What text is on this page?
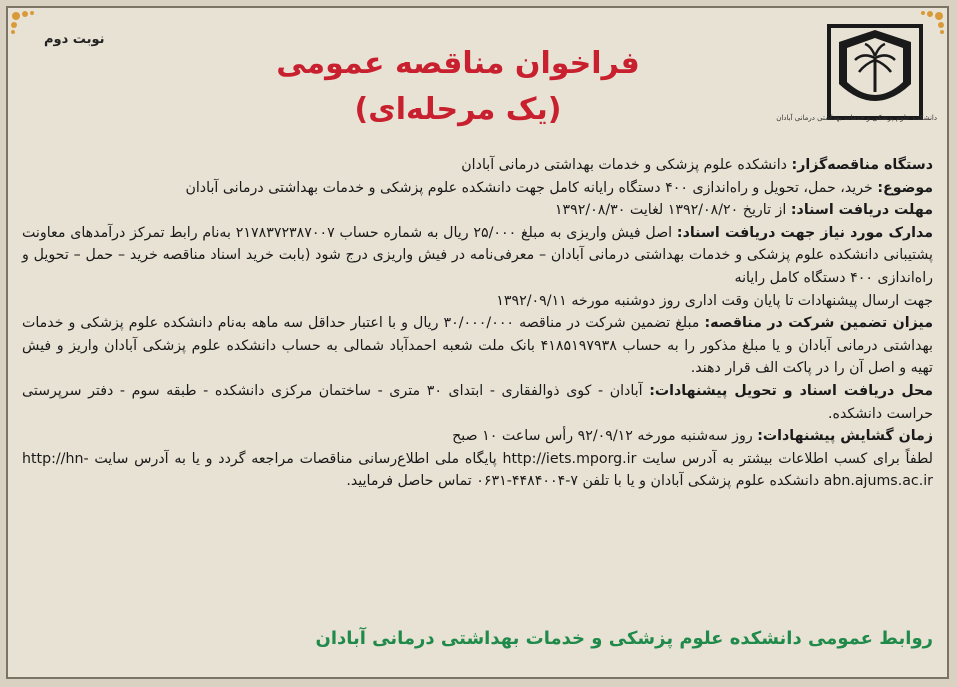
نوبت دوم
دانشکده علوم پزشکی و خدمات بهداشتی درمانی آبادان
فراخوان مناقصه عمومی
(یک مرحله‌ای)

دستگاه مناقصه‌گزار: دانشکده علوم پزشکی و خدمات بهداشتی درمانی آبادان

موضوع: خرید، حمل، تحویل و راه‌اندازی ۴۰۰ دستگاه رایانه کامل جهت دانشکده علوم پزشکی و خدمات بهداشتی درمانی آبادان

مهلت دریافت اسناد: از تاریخ ۱۳۹۲/۰۸/۲۰ لغایت ۱۳۹۲/۰۸/۳۰

مدارک مورد نیاز جهت دریافت اسناد: اصل فیش واریزی به مبلغ ۲۵/۰۰۰ ریال به شماره حساب ۲۱۷۸۳۷۲۳۸۷۰۰۷ به‌نام رابط تمرکز درآمدهای معاونت پشتیبانی دانشکده علوم پزشکی و خدمات بهداشتی درمانی آبادان – معرفی‌نامه در فیش واریزی درج شود (بابت خرید اسناد مناقصه خرید – حمل – تحویل و راه‌اندازی ۴۰۰ دستگاه کامل رایانه

جهت ارسال پیشنهادات تا پایان وقت اداری روز دوشنبه مورخه ۱۳۹۲/۰۹/۱۱

میزان تضمین شرکت در مناقصه: مبلغ تضمین شرکت در مناقصه ۳۰/۰۰۰/۰۰۰ ریال و با اعتبار حداقل سه ماهه به‌نام دانشکده علوم پزشکی و خدمات بهداشتی درمانی آبادان و یا مبلغ مذکور را به حساب ۴۱۸۵۱۹۷۹۳۸ بانک ملت شعبه احمدآباد شمالی به حساب دانشکده علوم پزشکی آبادان واریز و فیش تهیه و اصل آن را در پاکت الف قرار دهند.

محل دریافت اسناد و تحویل پیشنهادات: آبادان - کوی ذوالفقاری - ابتدای ۳۰ متری - ساختمان مرکزی دانشکده - طبقه سوم - دفتر سرپرستی حراست دانشکده.

زمان گشایش پیشنهادات: روز سه‌شنبه مورخه ۹۲/۰۹/۱۲ رأس ساعت ۱۰ صبح

لطفاً برای کسب اطلاعات بیشتر به آدرس سایت http://iets.mporg.ir پایگاه ملی اطلاع‌رسانی مناقصات مراجعه گردد و یا به آدرس سایت http://hn-abn.ajums.ac.ir دانشکده علوم پزشکی آبادان و یا با تلفن ۷-۴۴۸۴۰۰۴-۰۶۳۱ تماس حاصل فرمایید.

روابط عمومی دانشکده علوم پزشکی و خدمات بهداشتی درمانی آبادان
